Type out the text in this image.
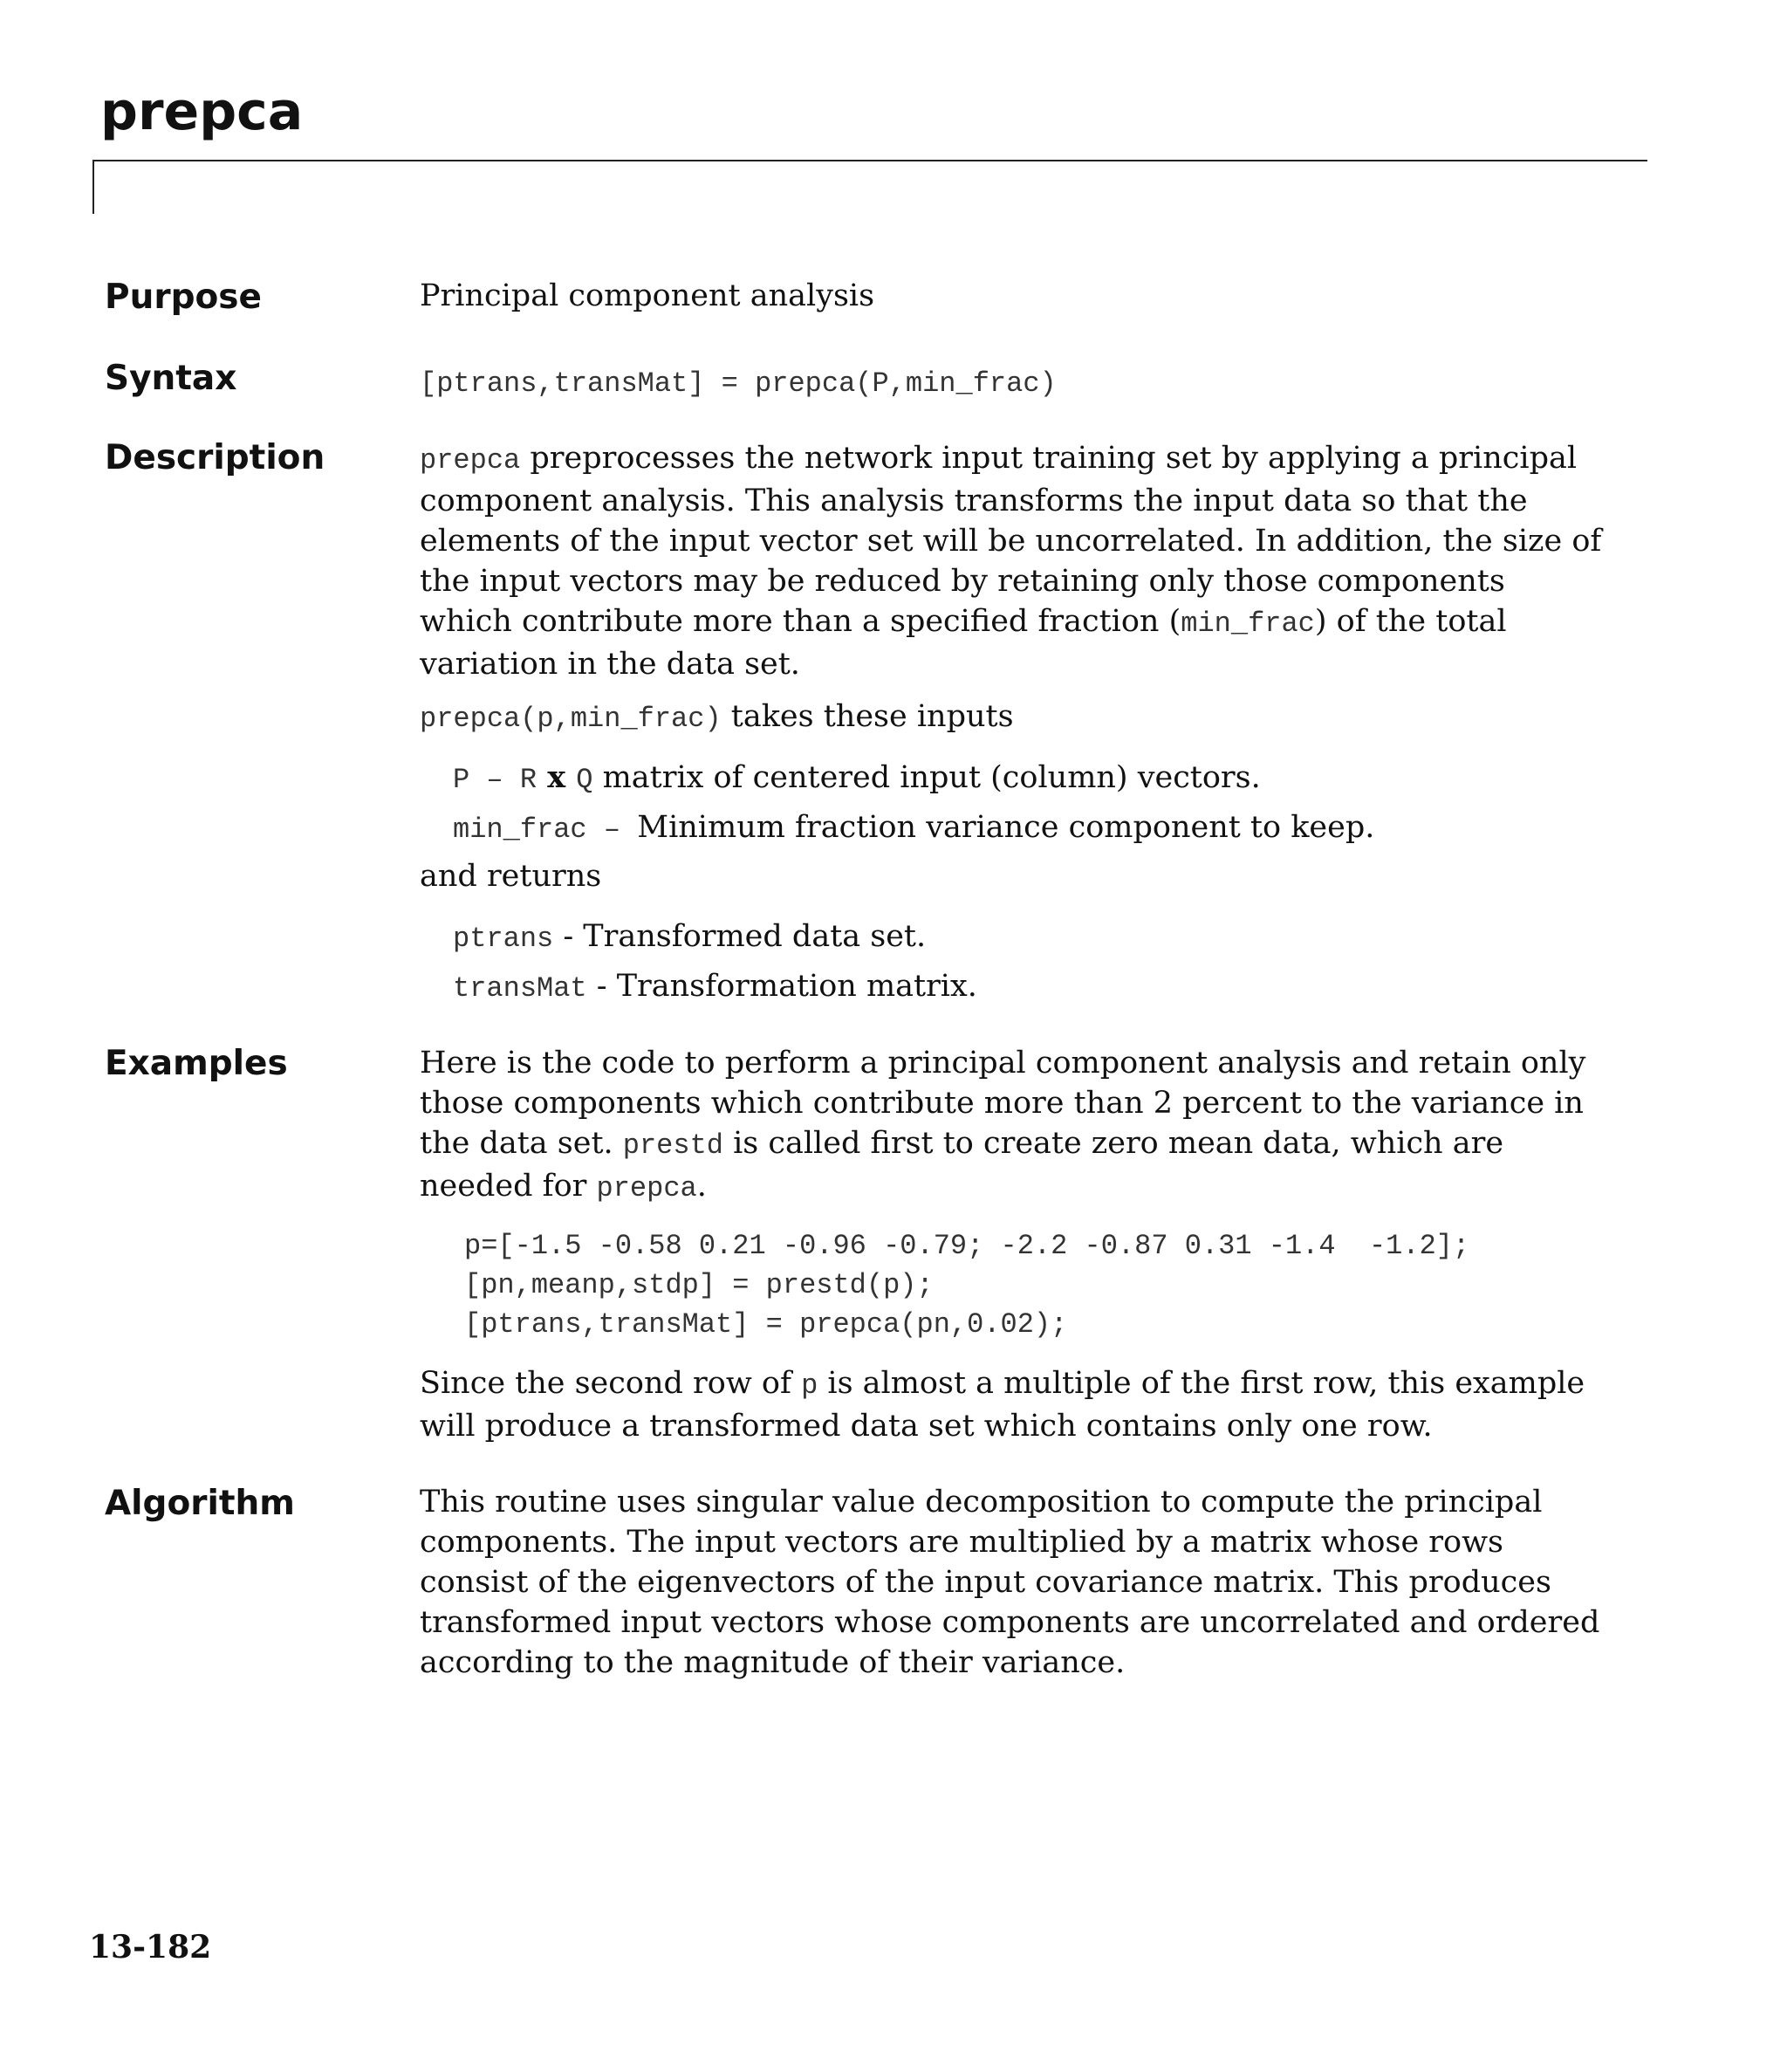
prepca
Purpose	Principal component analysis

Syntax	[ptrans,transMat] = prepca(P,min_frac)
Description	prepca preprocesses the network input training set by applying a principal component analysis. This analysis transforms the input data so that the elements of the input vector set will be uncorrelated. In addition, the size of the input vectors may be reduced by retaining only those components which contribute more than a specified fraction (min_frac) of the total variation in the data set.

prepca(p,min_frac) takes these inputs

P – R x Q matrix of centered input (column) vectors.
min_frac – Minimum fraction variance component to keep.

and returns

ptrans - Transformed data set.
transMat - Transformation matrix.
Examples	Here is the code to perform a principal component analysis and retain only those components which contribute more than 2 percent to the variance in the data set. prestd is called first to create zero mean data, which are needed for prepca.

p=[-1.5 -0.58 0.21 -0.96 -0.79; -2.2 -0.87 0.31 -1.4  -1.2];
[pn,meanp,stdp] = prestd(p);
[ptrans,transMat] = prepca(pn,0.02);

Since the second row of p is almost a multiple of the first row, this example will produce a transformed data set which contains only one row.

Algorithm	This routine uses singular value decomposition to compute the principal components. The input vectors are multiplied by a matrix whose rows consist of the eigenvectors of the input covariance matrix. This produces transformed input vectors whose components are uncorrelated and ordered according to the magnitude of their variance.

13-182
